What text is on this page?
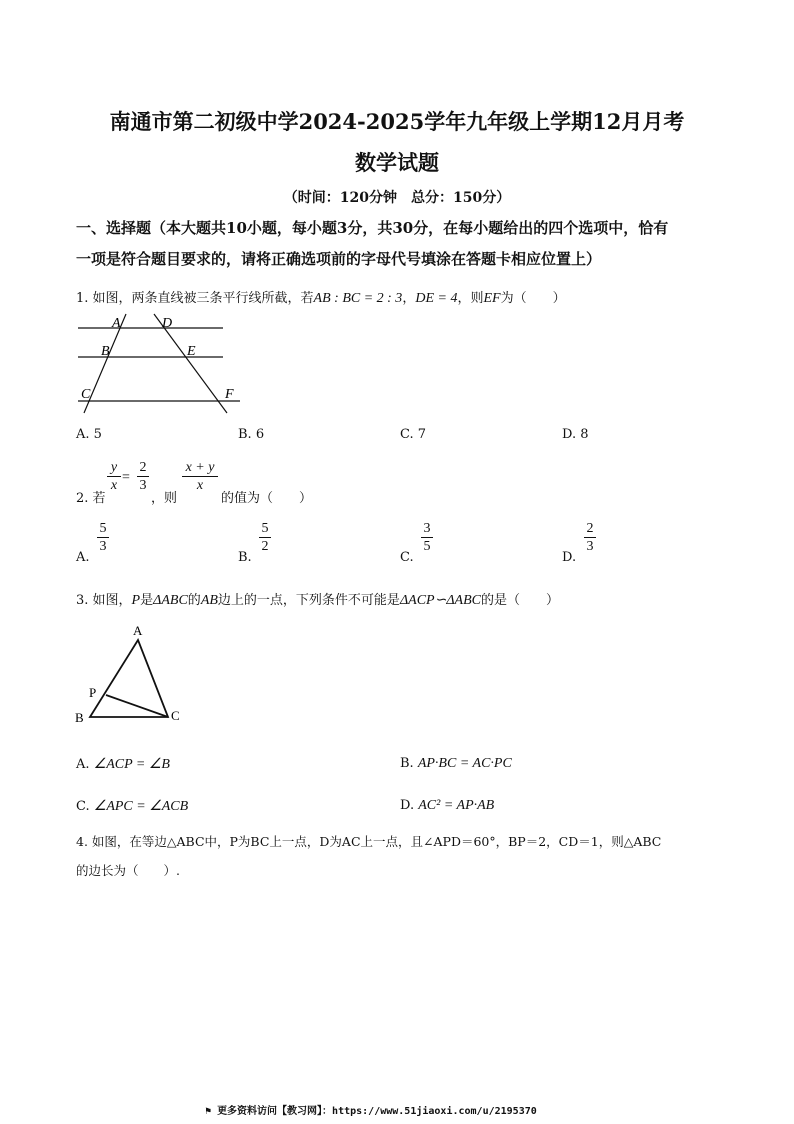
南通市第二初级中学2024-2025学年九年级上学期12月月考
数学试题
（时间：120分钟　总分：150分）
一、选择题（本大题共10小题，每小题3分，共30分，在每小题给出的四个选项中，恰有
一项是符合题目要求的，请将正确选项前的字母代号填涂在答题卡相应位置上）
1. 如图，两条直线被三条平行线所截，若AB : BC = 2 : 3，DE = 4，则EF为（　　）
A	D
B	E
C	F
A. 5	B. 6	C. 7	D. 8
2. 若
y
x
=
2
3
，则
x + y
x
的值为（　　）
A.
5
3
B.
5
2
C.
3
5
D.
2
3
3. 如图，P是ΔABC的AB边上的一点，下列条件不可能是ΔACP∽ΔABC的是（　　）
A
P
B	C
A. ∠ACP = ∠B	B. AP·BC = AC·PC
C. ∠APC = ∠ACB	D. AC² = AP·AB
4. 如图，在等边△ABC中，P为BC上一点，D为AC上一点，且∠APD＝60°，BP＝2，CD＝1，则△ABC
的边长为（　　）.
⚑ 更多资料访问【教习网】：https://www.51jiaoxi.com/u/2195370
